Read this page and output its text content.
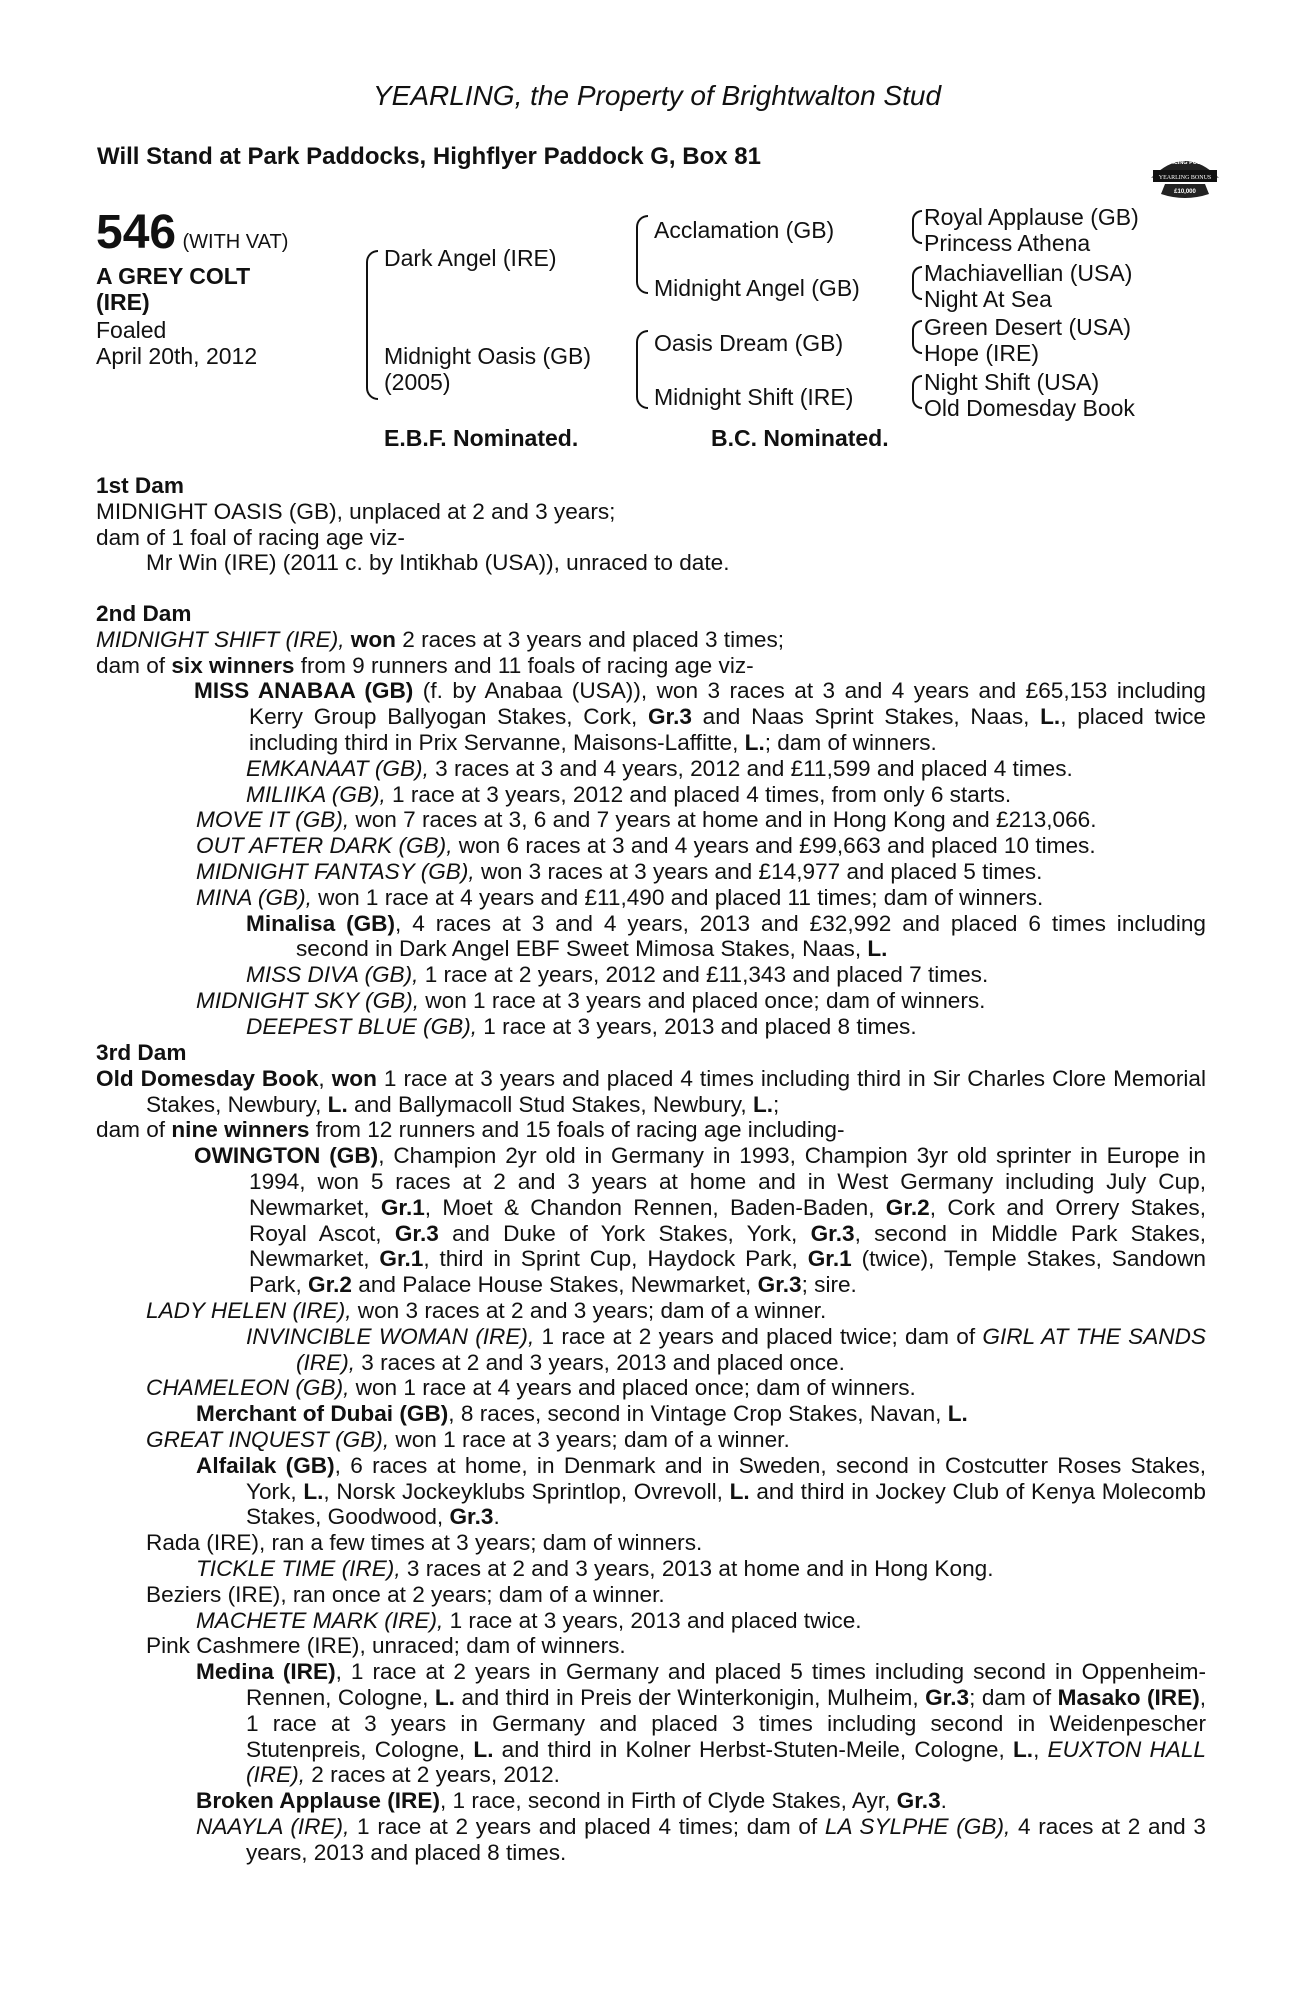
YEARLING, the Property of Brightwalton Stud
Will Stand at Park Paddocks, Highflyer Paddock G, Box 81	RACING POST
YEARLING BONUS
£10,000
546 (WITH VAT)
A GREY COLT
(IRE)
Foaled
April 20th, 2012
Dark Angel (IRE)
Midnight Oasis (GB)
(2005)
Acclamation (GB)
Midnight Angel (GB)
Oasis Dream (GB)
Midnight Shift (IRE)
Royal Applause (GB)
Princess Athena
Machiavellian (USA)
Night At Sea
Green Desert (USA)
Hope (IRE)
Night Shift (USA)
Old Domesday Book
E.B.F. Nominated.	B.C. Nominated.
1st Dam
MIDNIGHT OASIS (GB), unplaced at 2 and 3 years;
dam of 1 foal of racing age viz-
Mr Win (IRE) (2011 c. by Intikhab (USA)), unraced to date.
2nd Dam
MIDNIGHT SHIFT (IRE), won 2 races at 3 years and placed 3 times;
dam of six winners from 9 runners and 11 foals of racing age viz-
MISS ANABAA (GB) (f. by Anabaa (USA)), won 3 races at 3 and 4 years and £65,153 including Kerry Group Ballyogan Stakes, Cork, Gr.3 and Naas Sprint Stakes, Naas, L., placed twice including third in Prix Servanne, Maisons-Laffitte, L.; dam of winners.
EMKANAAT (GB), 3 races at 3 and 4 years, 2012 and £11,599 and placed 4 times.
MILIIKA (GB), 1 race at 3 years, 2012 and placed 4 times, from only 6 starts.
MOVE IT (GB), won 7 races at 3, 6 and 7 years at home and in Hong Kong and £213,066.
OUT AFTER DARK (GB), won 6 races at 3 and 4 years and £99,663 and placed 10 times.
MIDNIGHT FANTASY (GB), won 3 races at 3 years and £14,977 and placed 5 times.
MINA (GB), won 1 race at 4 years and £11,490 and placed 11 times; dam of winners.
Minalisa (GB), 4 races at 3 and 4 years, 2013 and £32,992 and placed 6 times including second in Dark Angel EBF Sweet Mimosa Stakes, Naas, L.
MISS DIVA (GB), 1 race at 2 years, 2012 and £11,343 and placed 7 times.
MIDNIGHT SKY (GB), won 1 race at 3 years and placed once; dam of winners.
DEEPEST BLUE (GB), 1 race at 3 years, 2013 and placed 8 times.
3rd Dam
Old Domesday Book, won 1 race at 3 years and placed 4 times including third in Sir Charles Clore Memorial Stakes, Newbury, L. and Ballymacoll Stud Stakes, Newbury, L.;
dam of nine winners from 12 runners and 15 foals of racing age including-
OWINGTON (GB), Champion 2yr old in Germany in 1993, Champion 3yr old sprinter in Europe in 1994, won 5 races at 2 and 3 years at home and in West Germany including July Cup, Newmarket, Gr.1, Moet & Chandon Rennen, Baden-Baden, Gr.2, Cork and Orrery Stakes, Royal Ascot, Gr.3 and Duke of York Stakes, York, Gr.3, second in Middle Park Stakes, Newmarket, Gr.1, third in Sprint Cup, Haydock Park, Gr.1 (twice), Temple Stakes, Sandown Park, Gr.2 and Palace House Stakes, Newmarket, Gr.3; sire.
LADY HELEN (IRE), won 3 races at 2 and 3 years; dam of a winner.
INVINCIBLE WOMAN (IRE), 1 race at 2 years and placed twice; dam of GIRL AT THE SANDS (IRE), 3 races at 2 and 3 years, 2013 and placed once.
CHAMELEON (GB), won 1 race at 4 years and placed once; dam of winners.
Merchant of Dubai (GB), 8 races, second in Vintage Crop Stakes, Navan, L.
GREAT INQUEST (GB), won 1 race at 3 years; dam of a winner.
Alfailak (GB), 6 races at home, in Denmark and in Sweden, second in Costcutter Roses Stakes, York, L., Norsk Jockeyklubs Sprintlop, Ovrevoll, L. and third in Jockey Club of Kenya Molecomb Stakes, Goodwood, Gr.3.
Rada (IRE), ran a few times at 3 years; dam of winners.
TICKLE TIME (IRE), 3 races at 2 and 3 years, 2013 at home and in Hong Kong.
Beziers (IRE), ran once at 2 years; dam of a winner.
MACHETE MARK (IRE), 1 race at 3 years, 2013 and placed twice.
Pink Cashmere (IRE), unraced; dam of winners.
Medina (IRE), 1 race at 2 years in Germany and placed 5 times including second in Oppenheim-Rennen, Cologne, L. and third in Preis der Winterkonigin, Mulheim, Gr.3; dam of Masako (IRE), 1 race at 3 years in Germany and placed 3 times including second in Weidenpescher Stutenpreis, Cologne, L. and third in Kolner Herbst-Stuten-Meile, Cologne, L., EUXTON HALL (IRE), 2 races at 2 years, 2012.
Broken Applause (IRE), 1 race, second in Firth of Clyde Stakes, Ayr, Gr.3.
NAAYLA (IRE), 1 race at 2 years and placed 4 times; dam of LA SYLPHE (GB), 4 races at 2 and 3 years, 2013 and placed 8 times.
